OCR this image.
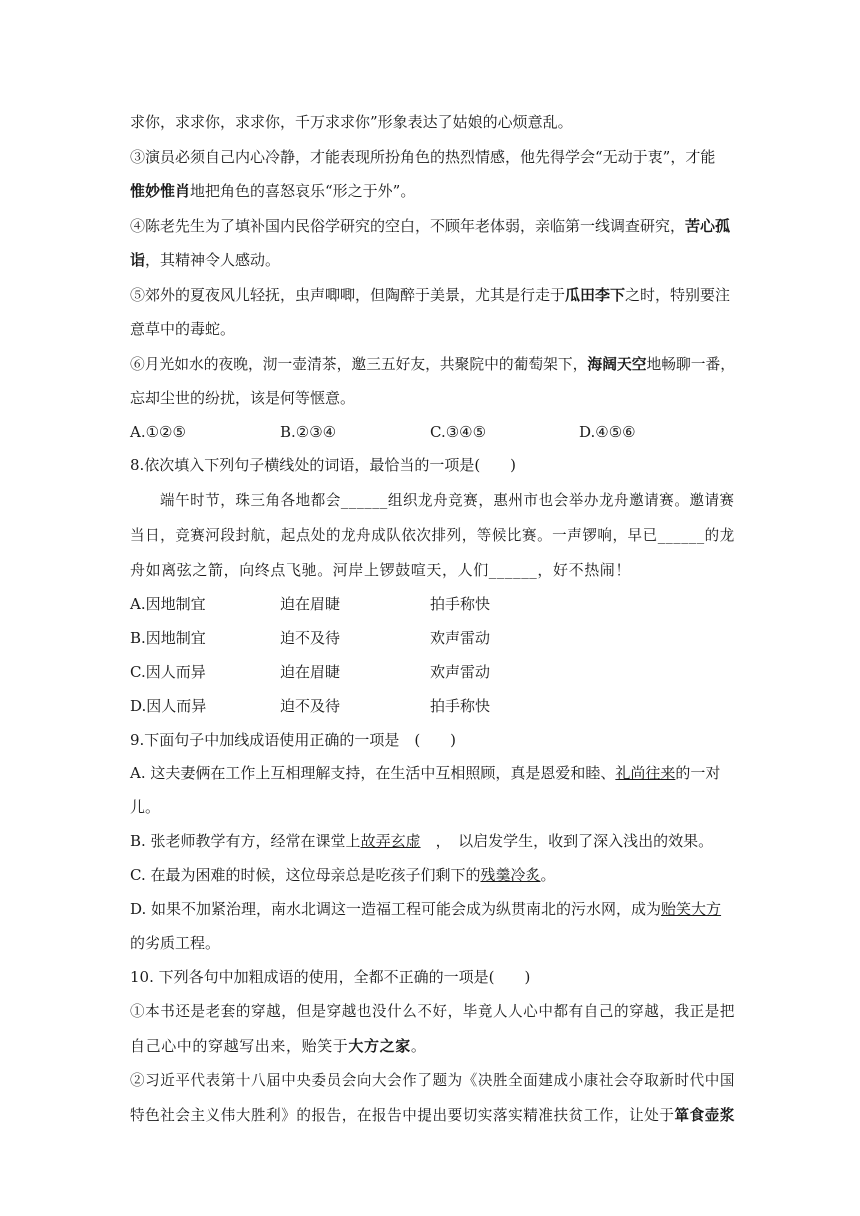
求你，求求你，求求你，千万求求你”形象表达了姑娘的心烦意乱。
③演员必须自己内心冷静，才能表现所扮角色的热烈情感，他先得学会“无动于衷”，才能
惟妙惟肖地把角色的喜怒哀乐“形之于外”。
④陈老先生为了填补国内民俗学研究的空白，不顾年老体弱，亲临第一线调查研究，苦心孤
诣，其精神令人感动。
⑤郊外的夏夜风儿轻抚，虫声唧唧，但陶醉于美景，尤其是行走于瓜田李下之时，特别要注
意草中的毒蛇。
⑥月光如水的夜晚，沏一壶清茶，邀三五好友，共聚院中的葡萄架下，海阔天空地畅聊一番，
忘却尘世的纷扰，该是何等惬意。
A.①②⑤	B.②③④	C.③④⑤	D.④⑤⑥
8.依次填入下列句子横线处的词语，最恰当的一项是(　　)
端午时节，珠三角各地都会______组织龙舟竞赛，惠州市也会举办龙舟邀请赛。邀请赛
当日，竞赛河段封航，起点处的龙舟成队依次排列，等候比赛。一声锣响，早已______的龙
舟如离弦之箭，向终点飞驰。河岸上锣鼓喧天，人们______，好不热闹！
A.因地制宜	迫在眉睫	拍手称快
B.因地制宜	迫不及待	欢声雷动
C.因人而异	迫在眉睫	欢声雷动
D.因人而异	迫不及待	拍手称快
9.下面句子中加线成语使用正确的一项是　(　　)
A. 这夫妻俩在工作上互相理解支持，在生活中互相照顾，真是恩爱和睦、礼尚往来的一对
儿。
B. 张老师教学有方，经常在课堂上故弄玄虚　，　以启发学生，收到了深入浅出的效果。
C. 在最为困难的时候，这位母亲总是吃孩子们剩下的残羹冷炙。
D. 如果不加紧治理，南水北调这一造福工程可能会成为纵贯南北的污水网，成为贻笑大方
的劣质工程。
10. 下列各句中加粗成语的使用，全都不正确的一项是(　　)
①本书还是老套的穿越，但是穿越也没什么不好，毕竟人人心中都有自己的穿越，我正是把
自己心中的穿越写出来，贻笑于大方之家。
②习近平代表第十八届中央委员会向大会作了题为《决胜全面建成小康社会夺取新时代中国
特色社会主义伟大胜利》的报告，在报告中提出要切实落实精准扶贫工作，让处于箪食壶浆
